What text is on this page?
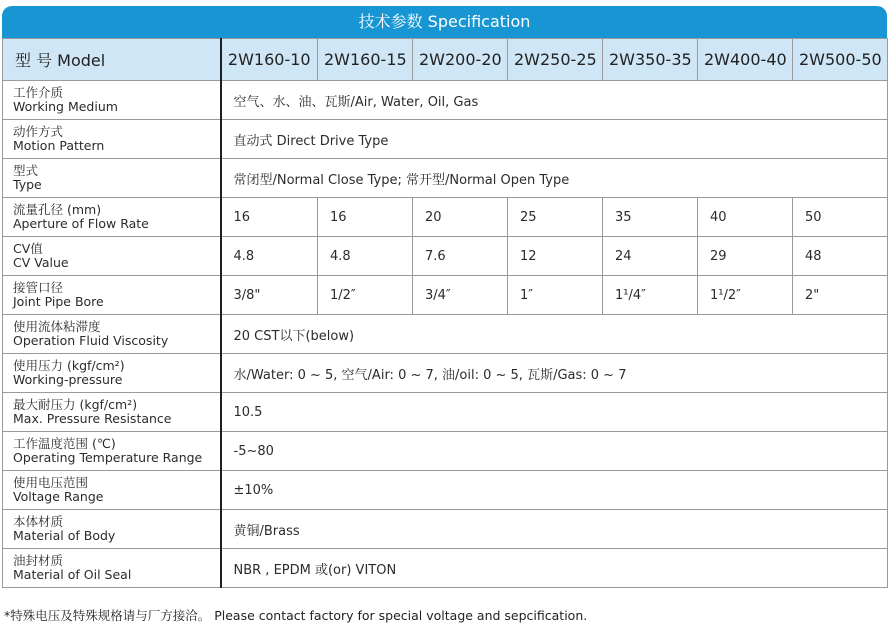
技术参数 Specification
型 号 Model	2W160-10	2W160-15	2W200-20	2W250-25	2W350-35	2W400-40	2W500-50

工作介质
Working Medium	空气、水、油、瓦斯/Air, Water, Oil, Gas						

动作方式
Motion Pattern	直动式 Direct Drive Type						

型式
Type	常闭型/Normal Close Type; 常开型/Normal Open Type						

流量孔径 (mm)
Aperture of Flow Rate	16	16	20	25	35	40	50

CV值
CV Value	4.8	4.8	7.6	12	24	29	48

接管口径
Joint Pipe Bore	3/8"	1/2″	3/4″	1″	1¹/4″	1¹/2″	2"

使用流体粘滞度
Operation Fluid Viscosity	20 CST以下(below)						

使用压力 (kgf/cm²)
Working-pressure	水/Water: 0 ~ 5, 空气/Air: 0 ~ 7, 油/oil: 0 ~ 5, 瓦斯/Gas: 0 ~ 7						

最大耐压力 (kgf/cm²)
Max. Pressure Resistance	10.5						

工作温度范围 (℃)
Operating Temperature Range	-5~80						

使用电压范围
Voltage Range	±10%						

本体材质
Material of Body	黄铜/Brass						

油封材质
Material of Oil Seal	NBR , EPDM 或(or) VITON						
*特殊电压及特殊规格请与厂方接洽。 Please contact factory for special voltage and sepcification.
